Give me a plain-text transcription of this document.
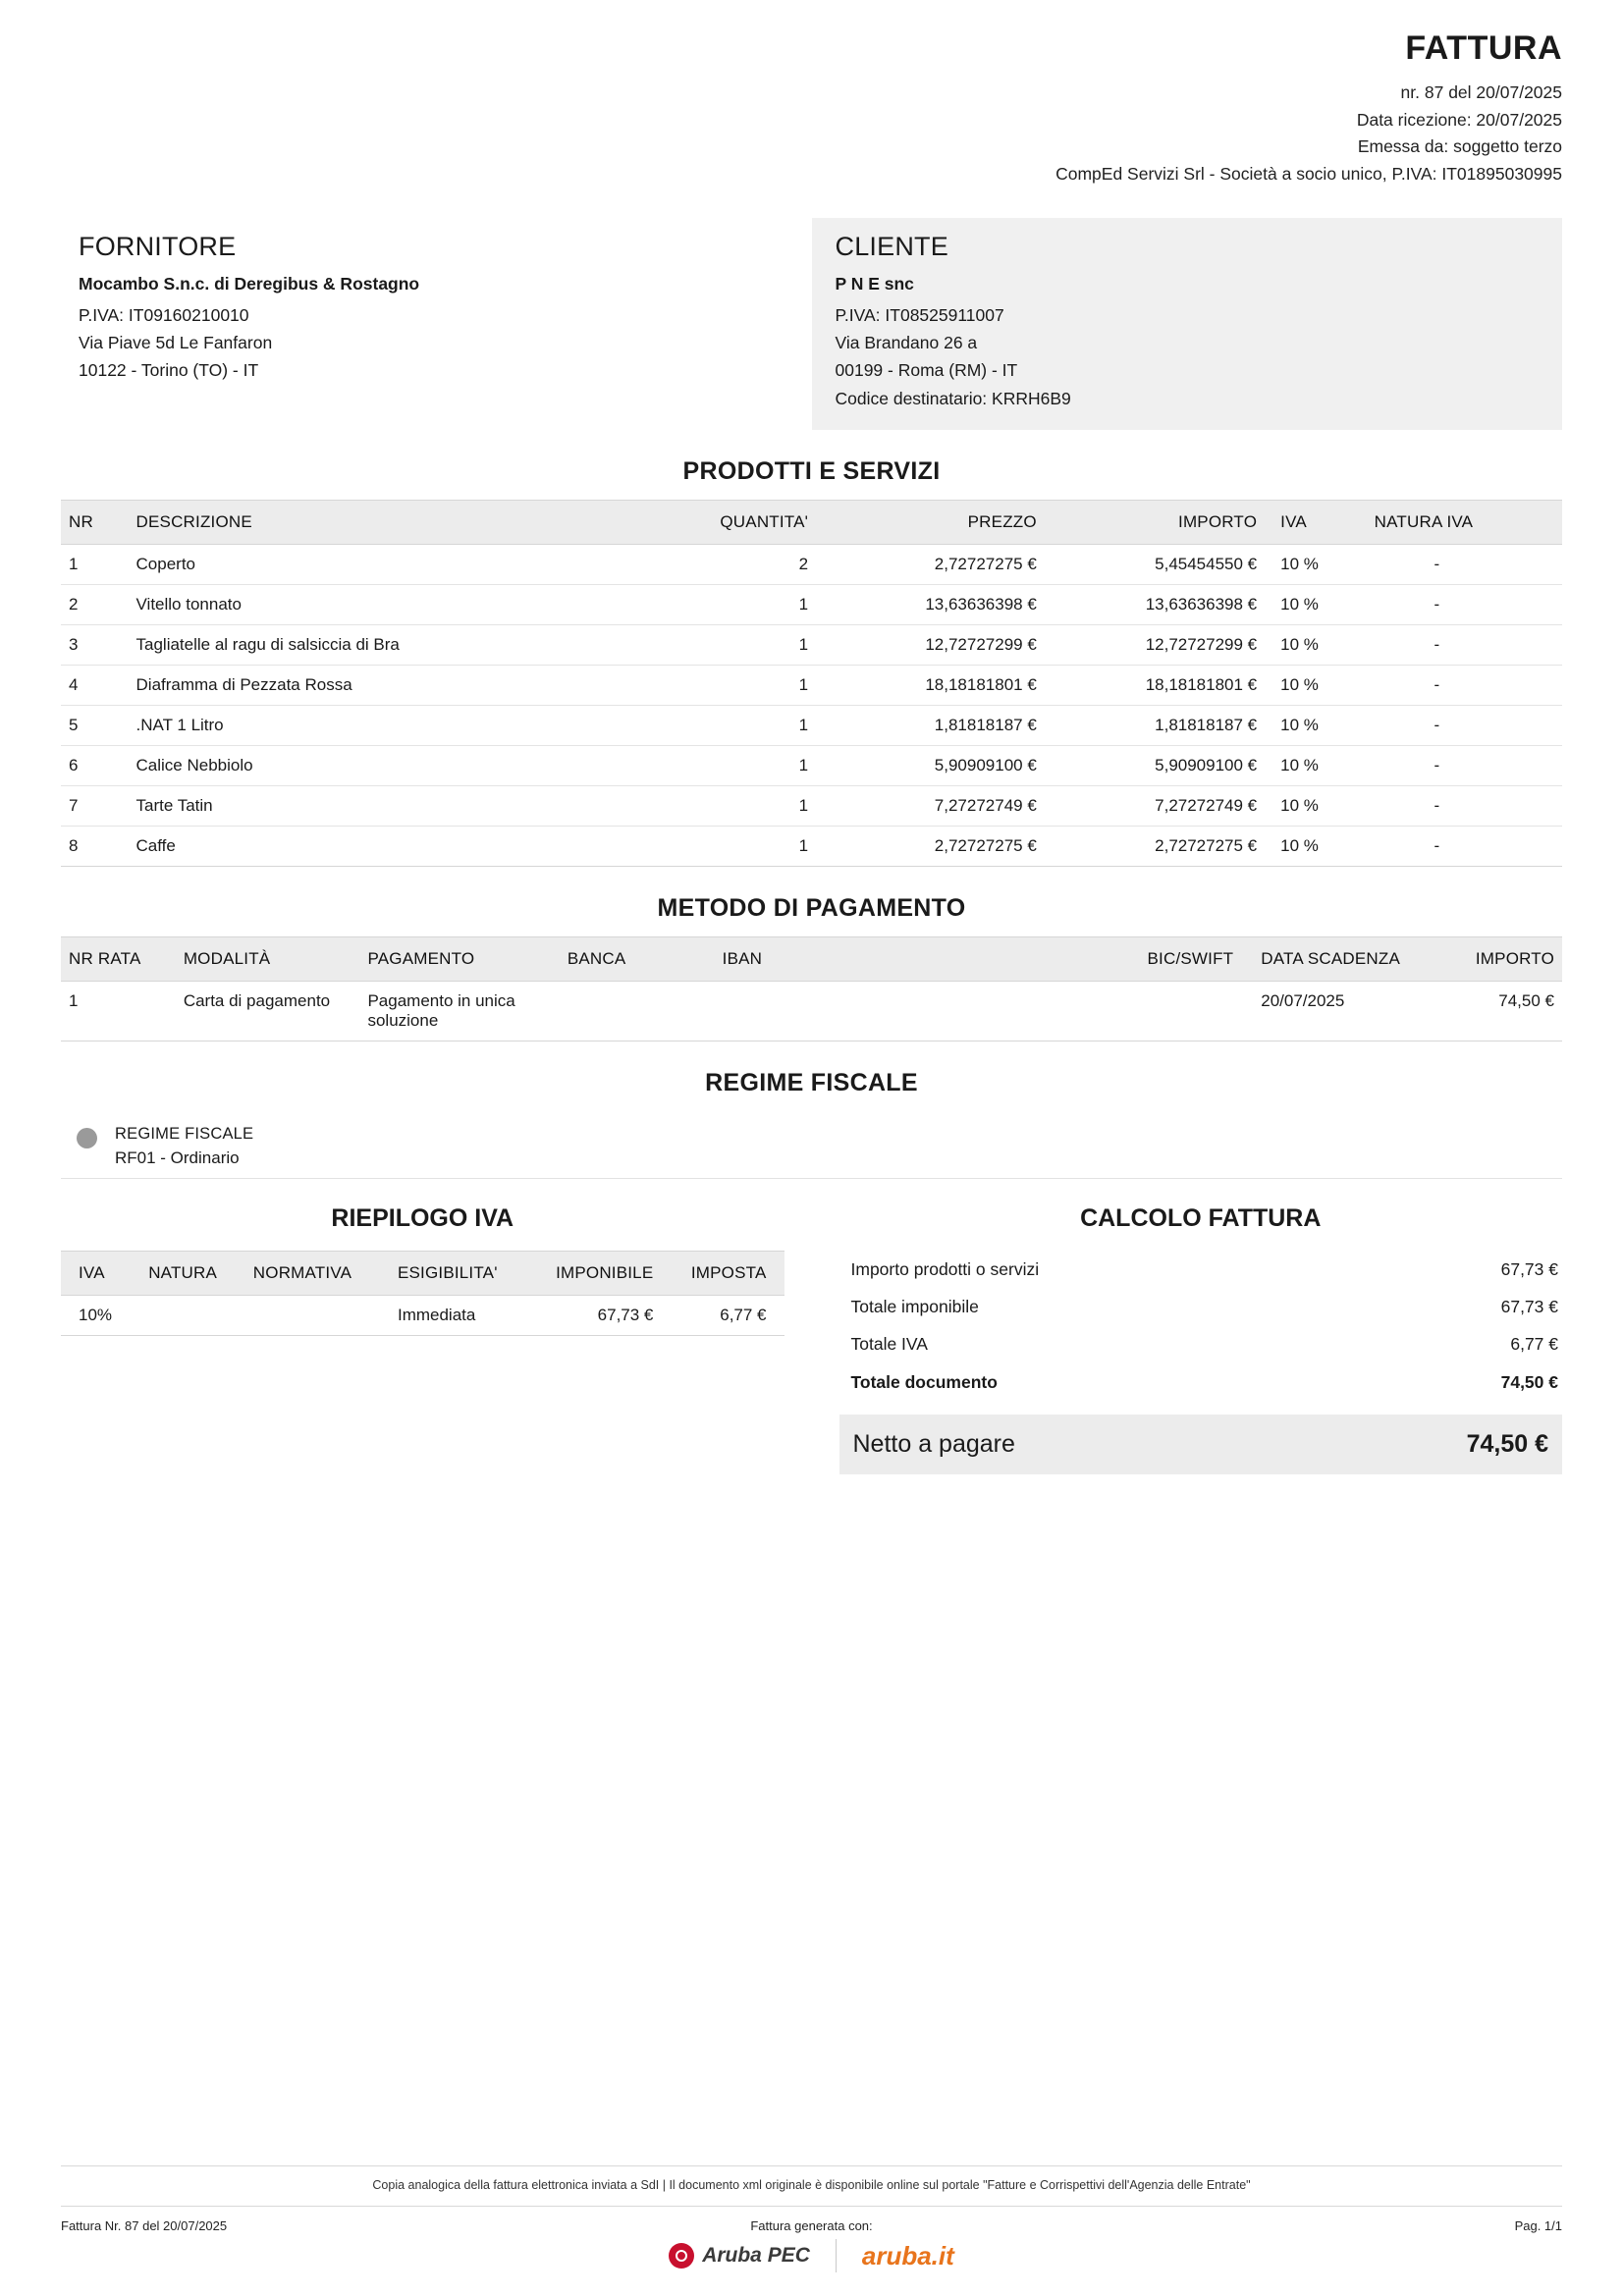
FATTURA
nr. 87 del 20/07/2025
Data ricezione: 20/07/2025
Emessa da: soggetto terzo
CompEd Servizi Srl - Società a socio unico, P.IVA: IT01895030995
FORNITORE
Mocambo S.n.c. di Deregibus & Rostagno
P.IVA: IT09160210010
Via Piave 5d Le Fanfaron
10122 - Torino (TO) - IT
CLIENTE
P N E snc
P.IVA: IT08525911007
Via Brandano 26 a
00199 - Roma (RM) - IT
Codice destinatario: KRRH6B9
PRODOTTI E SERVIZI
NR	DESCRIZIONE	QUANTITA'	PREZZO	IMPORTO	IVA	NATURA IVA
1	Coperto	2	2,72727275 €	5,45454550 €	10 %	-
2	Vitello tonnato	1	13,63636398 €	13,63636398 €	10 %	-
3	Tagliatelle al ragu di salsiccia di Bra	1	12,72727299 €	12,72727299 €	10 %	-
4	Diaframma di Pezzata Rossa	1	18,18181801 €	18,18181801 €	10 %	-
5	.NAT 1 Litro	1	1,81818187 €	1,81818187 €	10 %	-
6	Calice Nebbiolo	1	5,90909100 €	5,90909100 €	10 %	-
7	Tarte Tatin	1	7,27272749 €	7,27272749 €	10 %	-
8	Caffe	1	2,72727275 €	2,72727275 €	10 %	-
METODO DI PAGAMENTO
NR RATA	MODALITÀ	PAGAMENTO	BANCA	IBAN	BIC/SWIFT	DATA SCADENZA	IMPORTO
1	Carta di pagamento	Pagamento in unica soluzione				20/07/2025	74,50 €
REGIME FISCALE
REGIME FISCALE
RF01 - Ordinario
RIEPILOGO IVA
IVA	NATURA	NORMATIVA	ESIGIBILITA'	IMPONIBILE	IMPOSTA
10%			Immediata	67,73 €	6,77 €
CALCOLO FATTURA
Importo prodotti o servizi	67,73 €
Totale imponibile	67,73 €
Totale IVA	6,77 €
Totale documento	74,50 €
Netto a pagare	74,50 €
Copia analogica della fattura elettronica inviata a SdI | Il documento xml originale è disponibile online sul portale "Fatture e Corrispettivi dell'Agenzia delle Entrate"
Fattura Nr. 87 del 20/07/2025	Fattura generata con:	Pag. 1/1
Aruba PEC aruba.it
